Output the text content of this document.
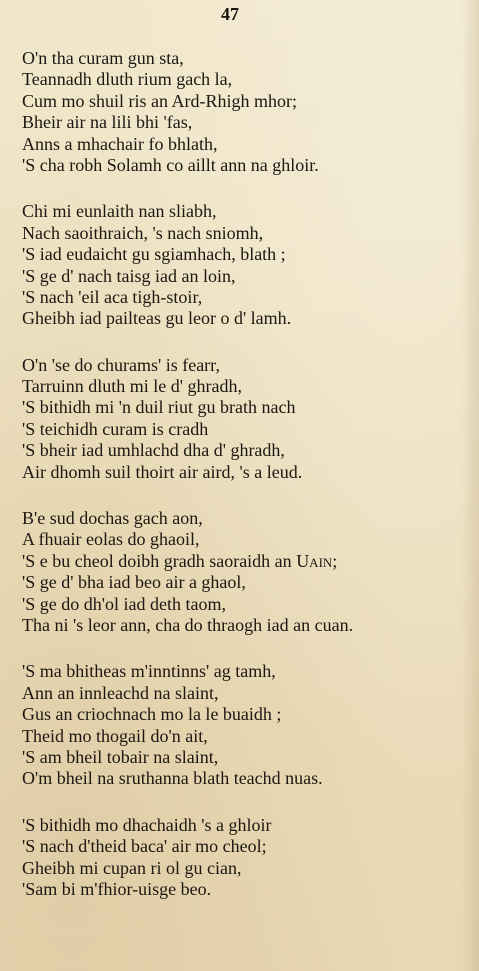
47
O'n tha curam gun sta,
Teannadh dluth rium gach la,
Cum mo shuil ris an Ard-Rhigh mhor;
Bheir air na lili bhi 'fas,
Anns a mhachair fo bhlath,
'S cha robh Solamh co aillt ann na ghloir.
Chi mi eunlaith nan sliabh,
Nach saoithraich, 's nach sniomh,
'S iad eudaicht gu sgiamhach, blath ;
'S ge d' nach taisg iad an loin,
'S nach 'eil aca tigh-stoir,
Gheibh iad pailteas gu leor o d' lamh.
O'n 'se do churams' is fearr,
Tarruinn dluth mi le d' ghradh,
'S bithidh mi 'n duil riut gu brath nach
'S teichidh curam is cradh
'S bheir iad umhlachd dha d' ghradh,
Air dhomh suil thoirt air aird, 's a leud.
B'e sud dochas gach aon,
A fhuair eolas do ghaoil,
'S e bu cheol doibh gradh saoraidh an Uain;
'S ge d' bha iad beo air a ghaol,
'S ge do dh'ol iad deth taom,
Tha ni 's leor ann, cha do thraogh iad an cuan.
'S ma bhitheas m'inntinns' ag tamh,
Ann an innleachd na slaint,
Gus an criochnach mo la le buaidh ;
Theid mo thogail do'n ait,
'S am bheil tobair na slaint,
O'm bheil na sruthanna blath teachd nuas.
'S bithidh mo dhachaidh 's a ghloir
'S nach d'theid baca' air mo cheol;
Gheibh mi cupan ri ol gu cian,
'Sam bi m'fhior-uisge beo.
